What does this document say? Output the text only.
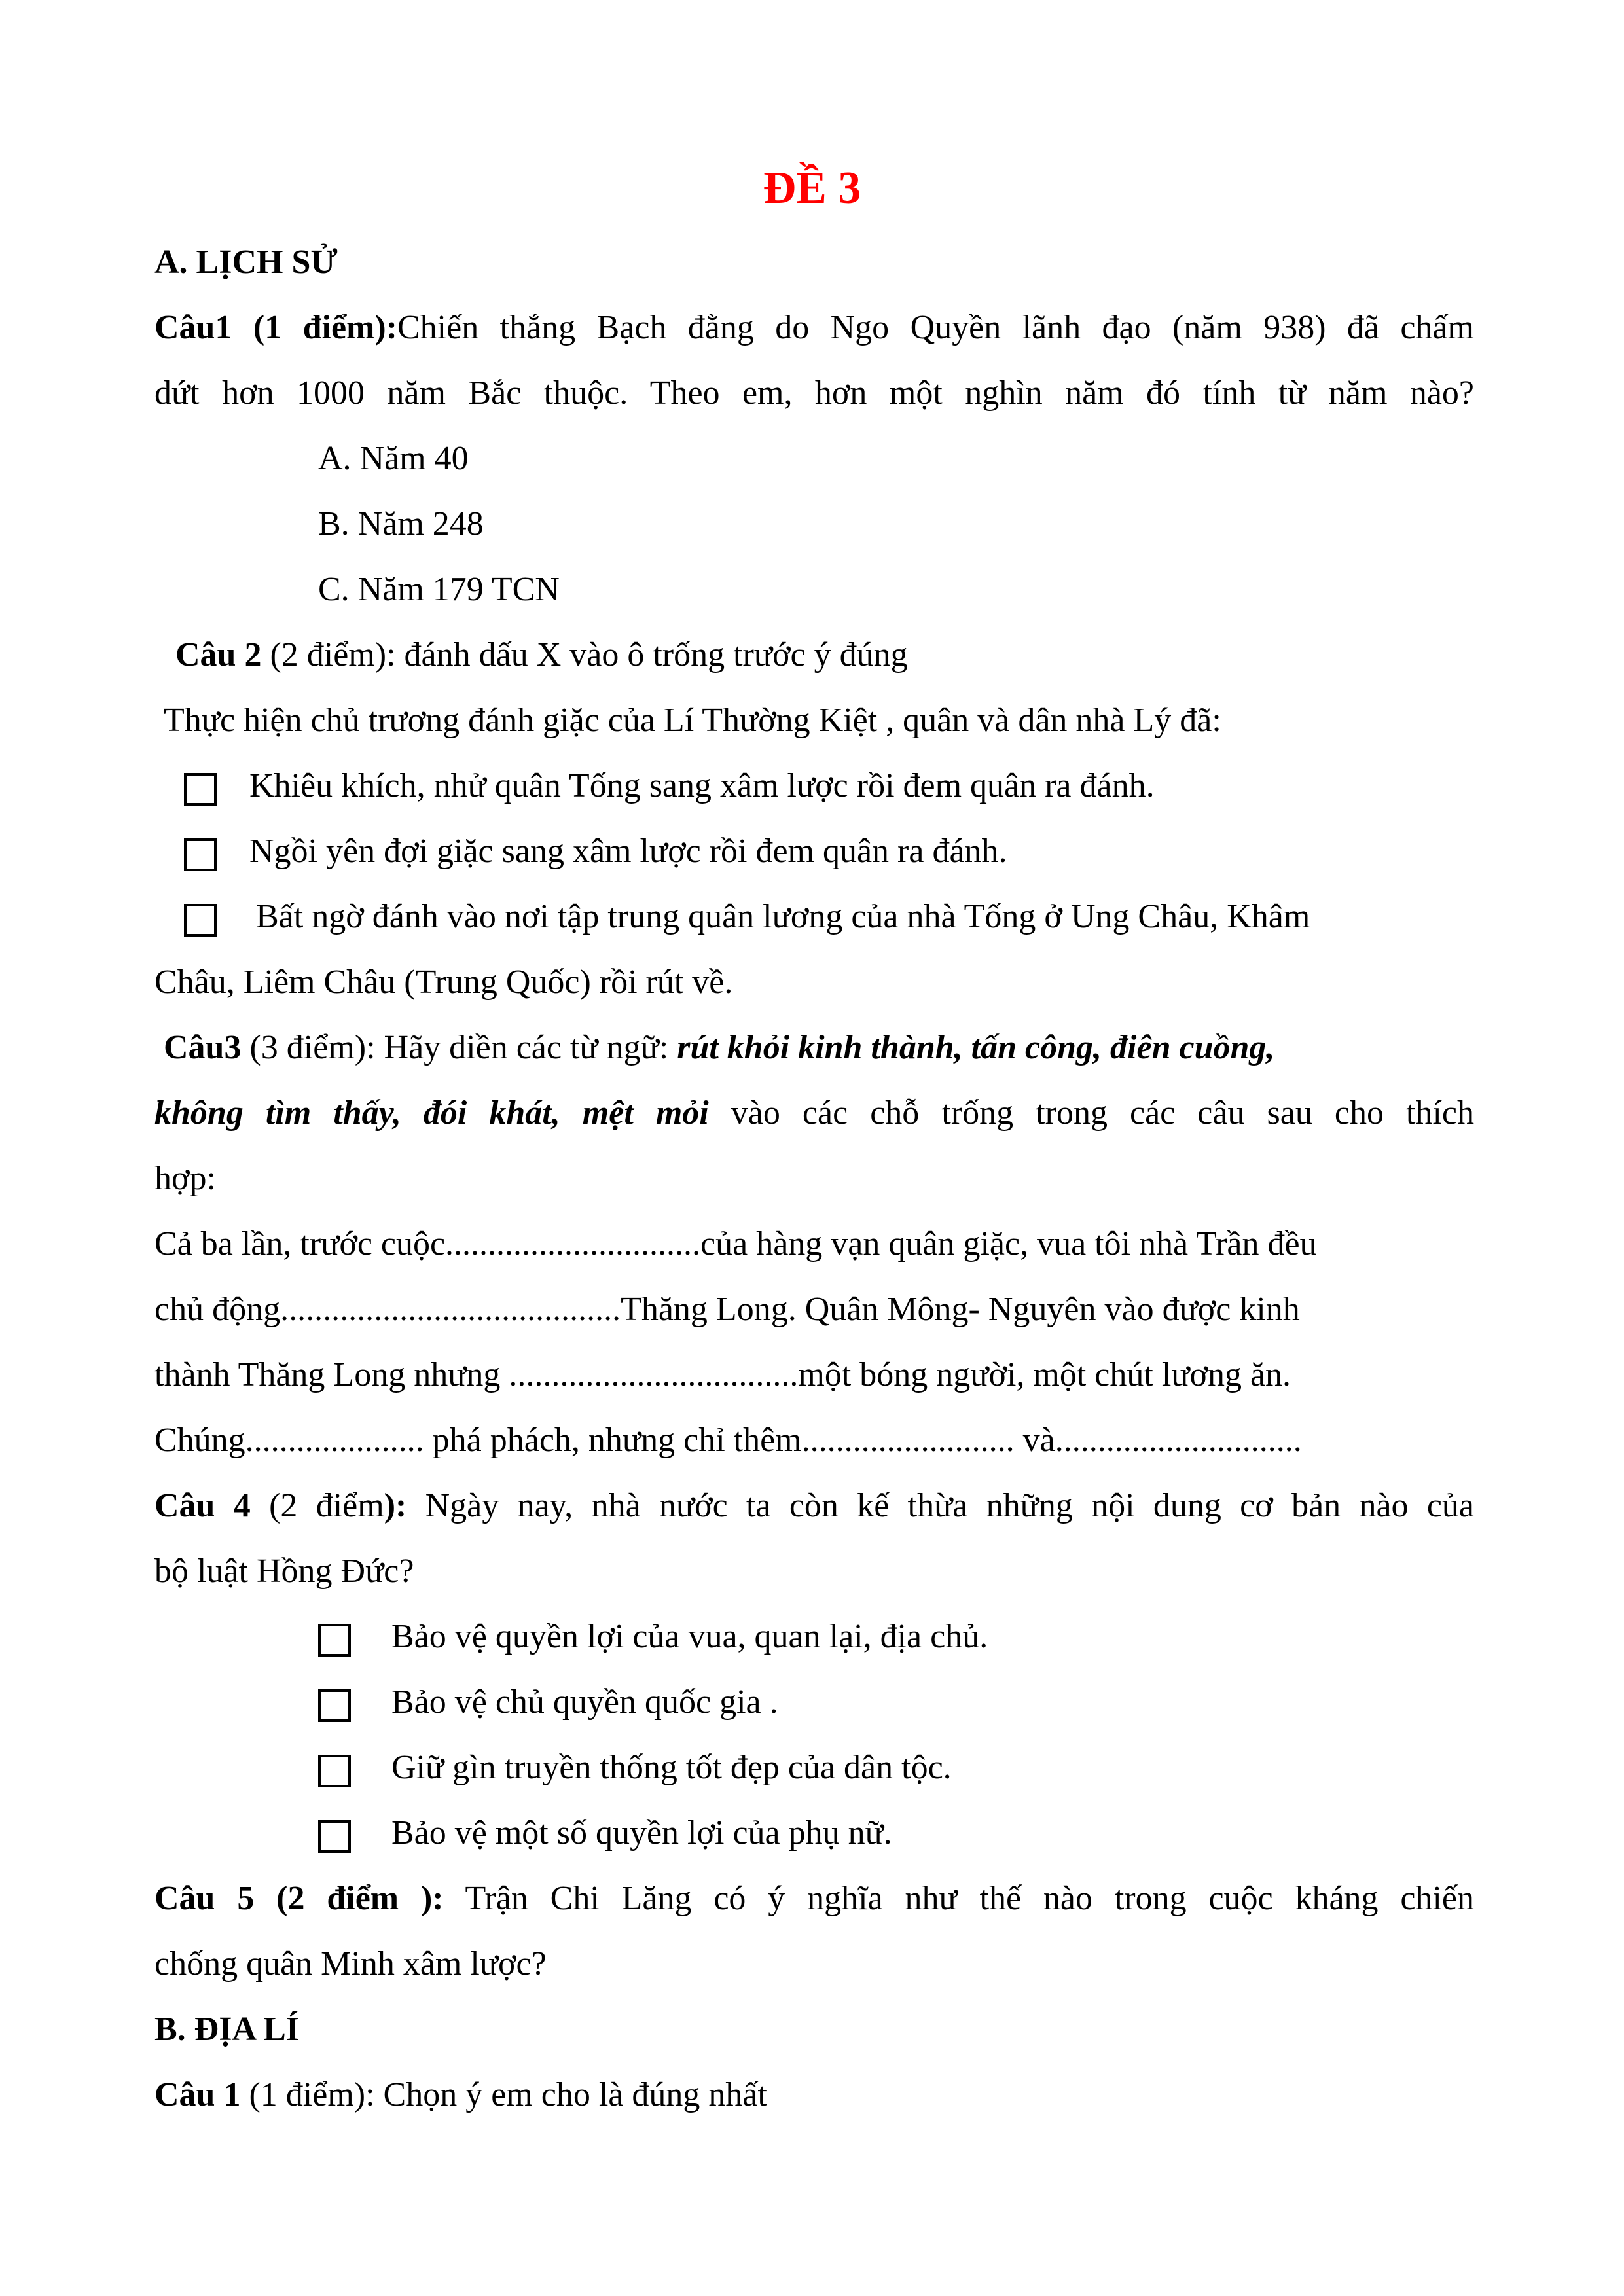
ĐỀ 3
A. LỊCH SỬ
Câu1 (1 điểm):Chiến thắng Bạch đằng do Ngo Quyền lãnh đạo (năm 938) đã chấm
dứt hơn 1000 năm Bắc thuộc. Theo em, hơn một nghìn năm đó tính từ năm nào?
A. Năm 40
B. Năm 248
C. Năm 179 TCN
Câu 2 (2 điểm): đánh dấu X vào ô trống trước ý đúng
Thực hiện chủ trương đánh giặc của Lí Thường Kiệt , quân và dân nhà Lý đã:
Khiêu khích, nhử quân Tống sang xâm lược rồi đem quân ra đánh.
Ngồi yên đợi giặc sang xâm lược rồi đem quân ra đánh.
Bất ngờ đánh vào nơi tập trung quân lương của nhà Tống ở Ung Châu, Khâm
Châu, Liêm Châu (Trung Quốc) rồi rút về.
Câu3 (3 điểm): Hãy diền các từ ngữ: rút khỏi kinh thành, tấn công, điên cuồng,
không tìm thấy, đói khát, mệt mỏi vào các chỗ trống trong các câu sau cho thích
hợp:
Cả ba lần, trước cuộc..............................của hàng vạn quân giặc, vua tôi nhà Trần đều
chủ động........................................Thăng Long. Quân Mông- Nguyên vào được kinh
thành Thăng Long nhưng ..................................một bóng người, một chút lương ăn.
Chúng..................... phá phách, nhưng chỉ thêm......................... và.............................
Câu 4 (2 điểm): Ngày nay, nhà nước ta còn kế thừa những nội dung cơ bản nào của
bộ luật Hồng Đức?
Bảo vệ quyền lợi của vua, quan lại, địa chủ.
Bảo vệ chủ quyền quốc gia .
Giữ gìn truyền thống tốt đẹp của dân tộc.
Bảo vệ một số quyền lợi của phụ nữ.
Câu 5 (2 điểm ): Trận Chi Lăng có ý nghĩa như thế nào trong cuộc kháng chiến
chống quân Minh xâm lược?
B. ĐỊA LÍ
Câu 1 (1 điểm): Chọn ý em cho là đúng nhất
